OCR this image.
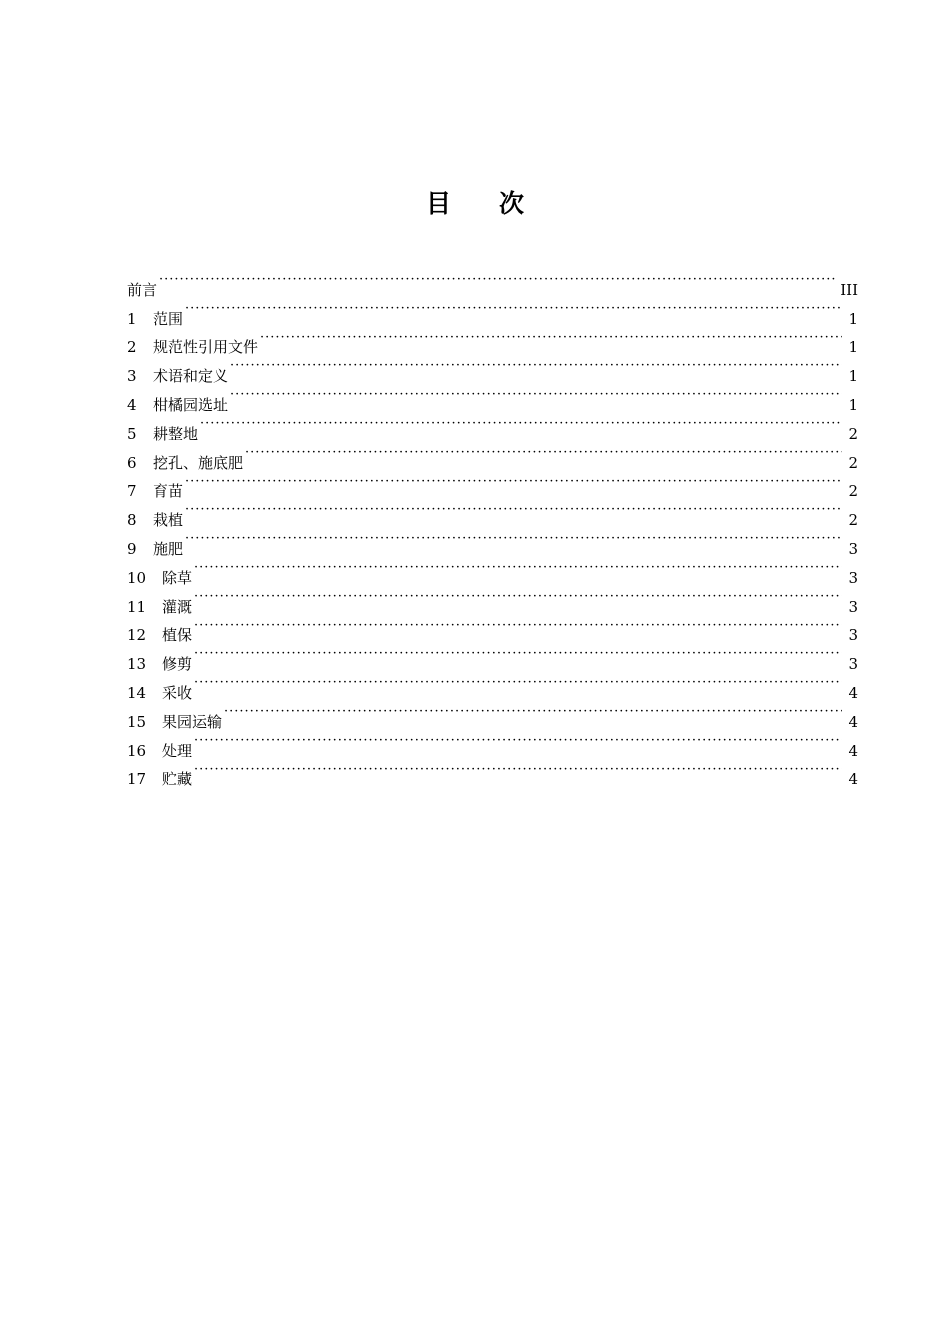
目次
前言 ·····	III
1	范围 ·····	1
2	规范性引用文件 ·····	1
3	术语和定义 ·····	1
4	柑橘园选址 ·····	1
5	耕整地 ·····	2
6	挖孔、施底肥 ·····	2
7	育苗 ·····	2
8	栽植 ·····	2
9	施肥 ·····	3
10	除草 ·····	3
11	灌溉 ·····	3
12	植保 ·····	3
13	修剪 ·····	3
14	采收 ·····	4
15	果园运输 ·····	4
16	处理 ·····	4
17	贮藏 ·····	4
